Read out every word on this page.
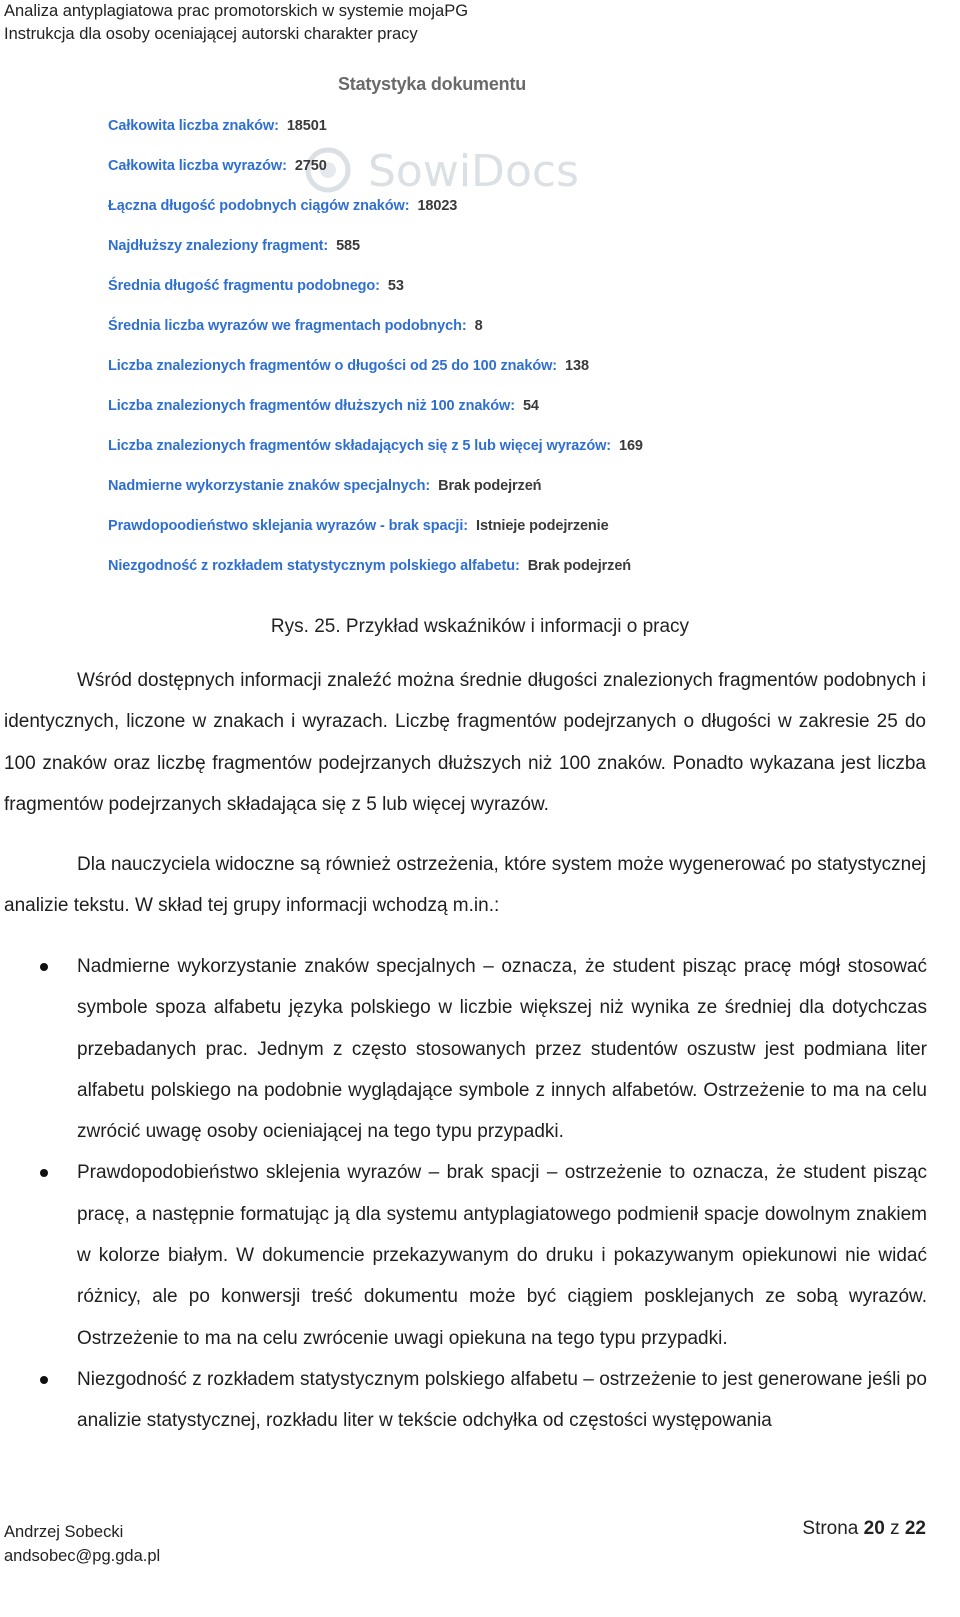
Analiza antyplagiatowa prac promotorskich w systemie mojaPG
Instrukcja dla osoby oceniającej autorski charakter pracy
Statystyka dokumentu
SowiDocs
Całkowita liczba znaków: 18501
Całkowita liczba wyrazów: 2750
Łączna długość podobnych ciągów znaków: 18023
Najdłuższy znaleziony fragment: 585
Średnia długość fragmentu podobnego: 53
Średnia liczba wyrazów we fragmentach podobnych: 8
Liczba znalezionych fragmentów o długości od 25 do 100 znaków: 138
Liczba znalezionych fragmentów dłuższych niż 100 znaków: 54
Liczba znalezionych fragmentów składających się z 5 lub więcej wyrazów: 169
Nadmierne wykorzystanie znaków specjalnych: Brak podejrzeń
Prawdopoodieństwo sklejania wyrazów - brak spacji: Istnieje podejrzenie
Niezgodność z rozkładem statystycznym polskiego alfabetu: Brak podejrzeń
Rys. 25. Przykład wskaźników i informacji o pracy
Wśród dostępnych informacji znaleźć można średnie długości znalezionych fragmentów podobnych i identycznych, liczone w znakach i wyrazach. Liczbę fragmentów podejrzanych o długości w zakresie 25 do 100 znaków oraz liczbę fragmentów podejrzanych dłuższych niż 100 znaków. Ponadto wykazana jest liczba fragmentów podejrzanych składająca się z 5 lub więcej wyrazów.
Dla nauczyciela widoczne są również ostrzeżenia, które system może wygenerować po statystycznej analizie tekstu. W skład tej grupy informacji wchodzą m.in.:
Nadmierne wykorzystanie znaków specjalnych – oznacza, że student pisząc pracę mógł stosować symbole spoza alfabetu języka polskiego w liczbie większej niż wynika ze średniej dla dotychczas przebadanych prac. Jednym z często stosowanych przez studentów oszustw jest podmiana liter alfabetu polskiego na podobnie wyglądające symbole z innych alfabetów. Ostrzeżenie to ma na celu zwrócić uwagę osoby ocieniającej na tego typu przypadki.
Prawdopodobieństwo sklejenia wyrazów – brak spacji – ostrzeżenie to oznacza, że student pisząc pracę, a następnie formatując ją dla systemu antyplagiatowego podmienił spacje dowolnym znakiem w kolorze białym. W dokumencie przekazywanym do druku i pokazywanym opiekunowi nie widać różnicy, ale po konwersji treść dokumentu może być ciągiem posklejanych ze sobą wyrazów. Ostrzeżenie to ma na celu zwrócenie uwagi opiekuna na tego typu przypadki.
Niezgodność z rozkładem statystycznym polskiego alfabetu – ostrzeżenie to jest generowane jeśli po analizie statystycznej, rozkładu liter w tekście odchyłka od częstości występowania
Andrzej Sobecki
andsobec@pg.gda.pl
Strona 20 z 22
